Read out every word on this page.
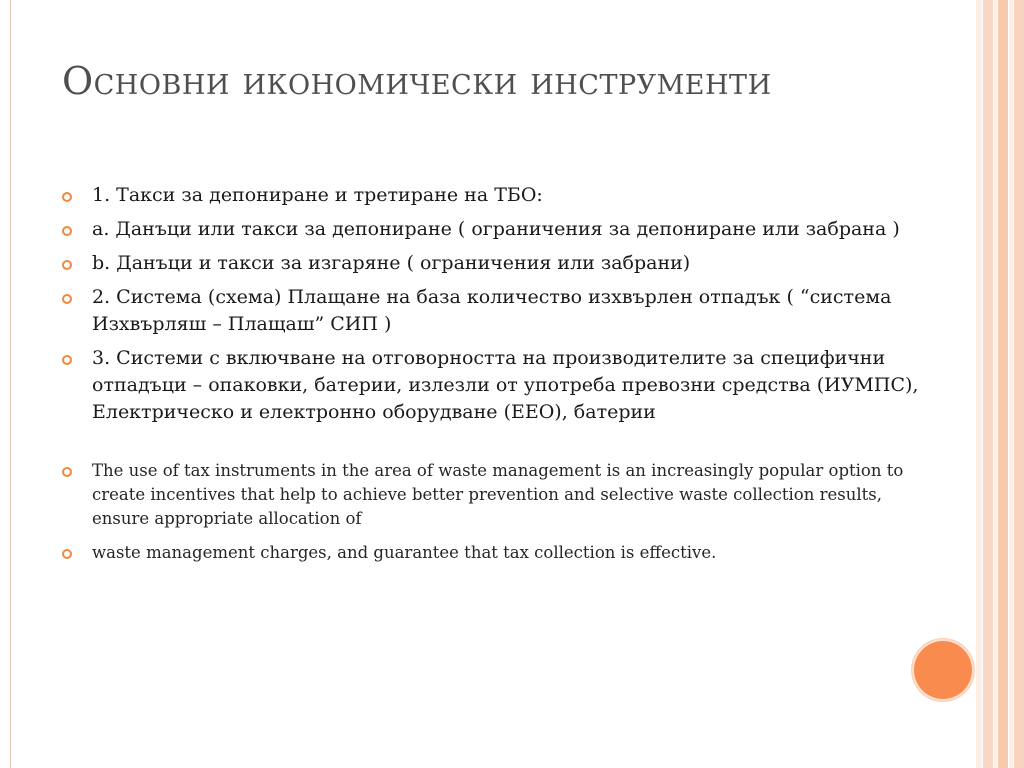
Основни икономически инструменти
1. Такси за депониране и третиране на ТБО:
a. Данъци или такси за депониране ( ограничения за депониране или забрана )
b. Данъци и такси за изгаряне ( ограничения или забрани)
2. Система (схема) Плащане на база количество изхвърлен отпадък ( “система Изхвърляш – Плащаш” СИП )
3. Системи с включване на отговорността на производителите за специфични отпадъци – опаковки, батерии, излезли от употреба превозни средства (ИУМПС), Електрическо и електронно оборудване (ЕЕО), батерии
The use of tax instruments in the area of waste management is an increasingly popular option to create incentives that help to achieve better prevention and selective waste collection results, ensure appropriate allocation of
waste management charges, and guarantee that tax collection is effective.
